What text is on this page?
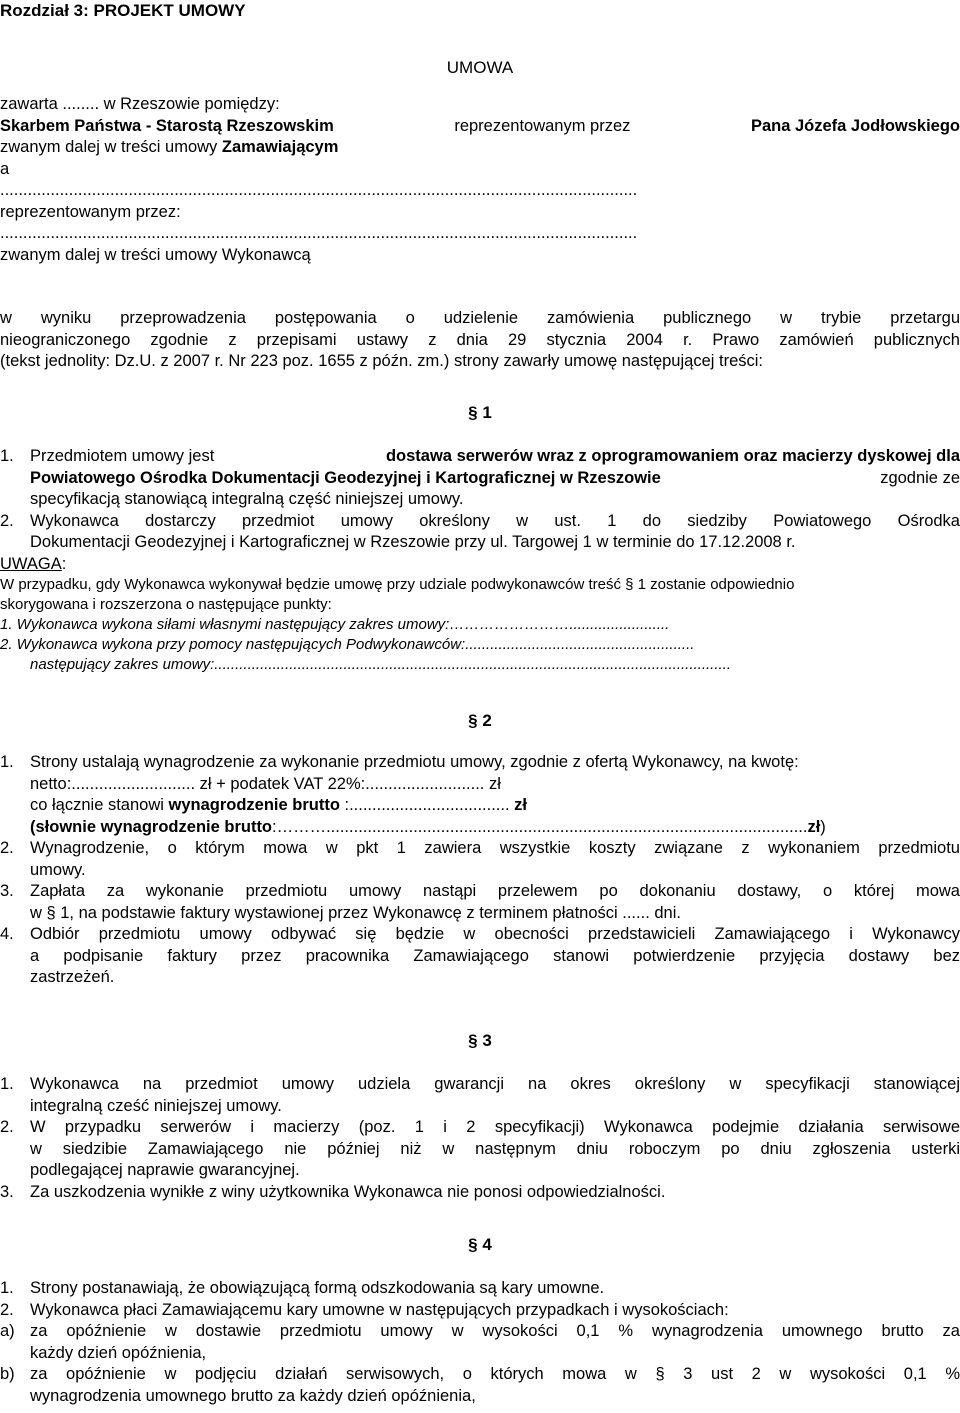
Rozdział 3: PROJEKT UMOWY
UMOWA
zawarta ........ w Rzeszowie pomiędzy:
Skarbem Państwa - Starostą Rzeszowskim	reprezentowanym przez	Pana Józefa Jodłowskiego
zwanym dalej w treści umowy Zamawiającym
a
...........................................................................................................................................
reprezentowanym przez:
...........................................................................................................................................
zwanym dalej w treści umowy Wykonawcą
w wyniku przeprowadzenia postępowania o udzielenie zamówienia publicznego w trybie przetargu
nieograniczonego zgodnie z przepisami ustawy z dnia 29 stycznia 2004 r. Prawo zamówień publicznych
(tekst jednolity: Dz.U. z 2007 r. Nr 223 poz. 1655 z późn. zm.) strony zawarły umowę następującej treści:
§ 1
1. Przedmiotem umowy jest	dostawa serwerów wraz z oprogramowaniem oraz macierzy dyskowej dla
Powiatowego Ośrodka Dokumentacji Geodezyjnej i Kartograficznej w Rzeszowie	zgodnie ze
specyfikacją stanowiącą integralną część niniejszej umowy.
2. Wykonawca dostarczy przedmiot umowy określony w ust. 1 do siedziby Powiatowego Ośrodka
Dokumentacji Geodezyjnej i Kartograficznej w Rzeszowie przy ul. Targowej 1 w terminie do 17.12.2008 r.
UWAGA:
W przypadku, gdy Wykonawca wykonywał będzie umowę przy udziale podwykonawców treść § 1 zostanie odpowiednio
skorygowana i rozszerzona o następujące punkty:
1. Wykonawca wykona siłami własnymi następujący zakres umowy:……………………........................
2. Wykonawca wykona przy pomocy następujących Podwykonawców:.......................................................
następujący zakres umowy:............................................................................................................................
§ 2
1. Strony ustalają wynagrodzenie za wykonanie przedmiotu umowy, zgodnie z ofertą Wykonawcy, na kwotę:
netto:........................... zł + podatek VAT 22%:.......................... zł
co łącznie stanowi wynagrodzenie brutto :................................... zł
(słownie wynagrodzenie brutto:……….........................................................................................................zł)
2. Wynagrodzenie, o którym mowa w pkt 1 zawiera wszystkie koszty związane z wykonaniem przedmiotu
umowy.
3. Zapłata za wykonanie przedmiotu umowy nastąpi przelewem po dokonaniu dostawy, o której mowa
w § 1, na podstawie faktury wystawionej przez Wykonawcę z terminem płatności ...... dni.
4. Odbiór przedmiotu umowy odbywać się będzie w obecności przedstawicieli Zamawiającego i Wykonawcy
a podpisanie faktury przez pracownika Zamawiającego stanowi potwierdzenie przyjęcia dostawy bez
zastrzeżeń.
§ 3
1. Wykonawca na przedmiot umowy udziela gwarancji na okres określony w specyfikacji stanowiącej
integralną cześć niniejszej umowy.
2. W przypadku serwerów i macierzy (poz. 1 i 2 specyfikacji) Wykonawca podejmie działania serwisowe
w siedzibie Zamawiającego nie później niż w następnym dniu roboczym po dniu zgłoszenia usterki
podlegającej naprawie gwarancyjnej.
3. Za uszkodzenia wynikłe z winy użytkownika Wykonawca nie ponosi odpowiedzialności.
§ 4
1. Strony postanawiają, że obowiązującą formą odszkodowania są kary umowne.
2. Wykonawca płaci Zamawiającemu kary umowne w następujących przypadkach i wysokościach:
a) za opóźnienie w dostawie przedmiotu umowy w wysokości 0,1 % wynagrodzenia umownego brutto za
każdy dzień opóźnienia,
b) za opóźnienie w podjęciu działań serwisowych, o których mowa w § 3 ust 2 w wysokości 0,1 %
wynagrodzenia umownego brutto za każdy dzień opóźnienia,
